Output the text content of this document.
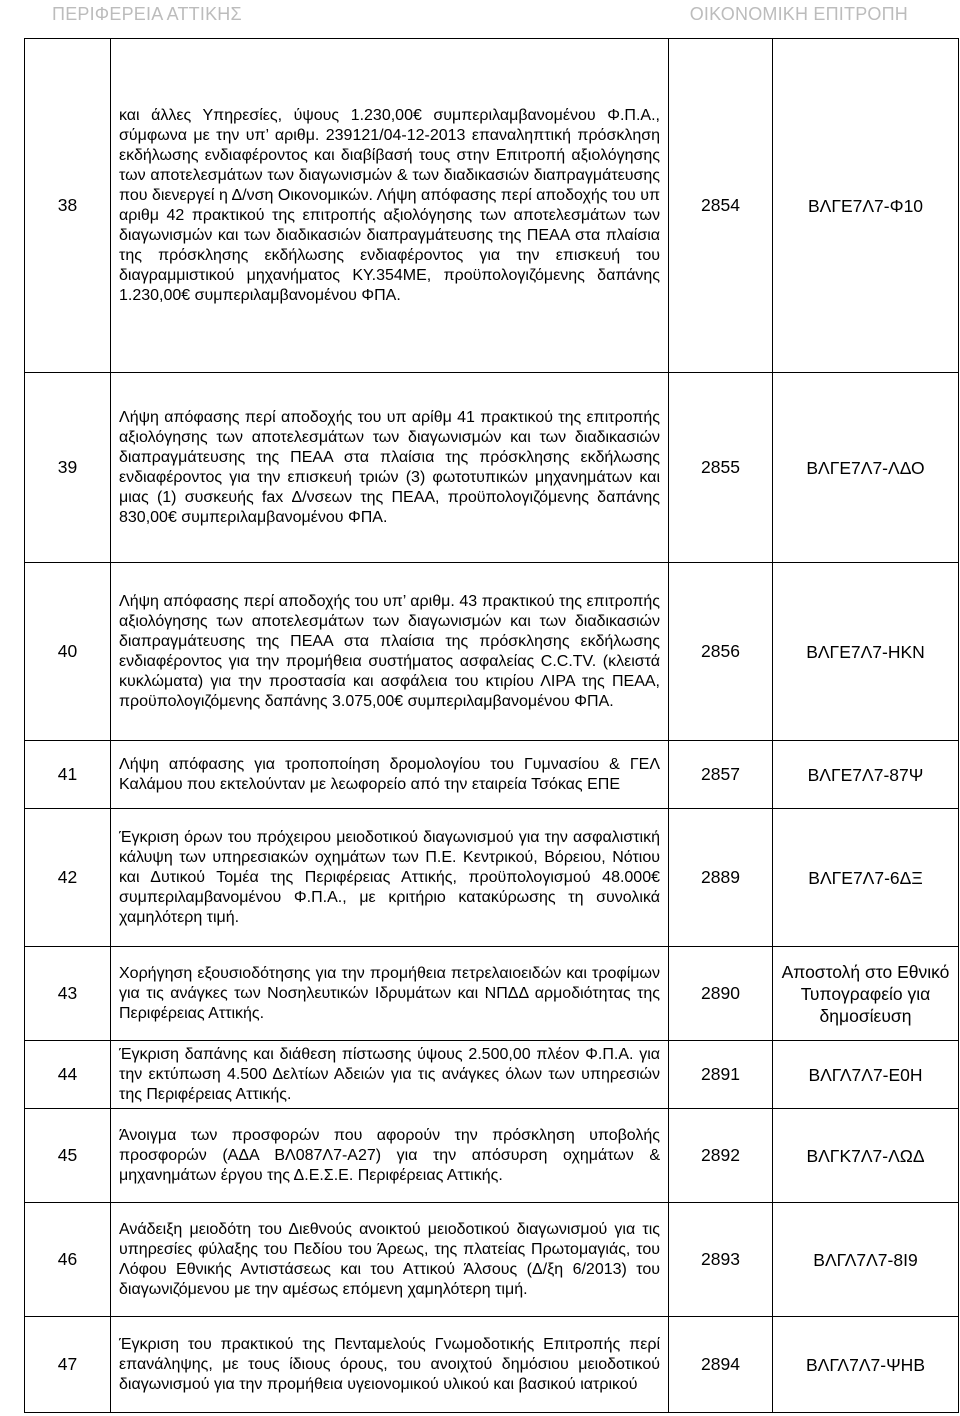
ΠΕΡΙΦΕΡΕΙΑ ΑΤΤΙΚΗΣ	ΟΙΚΟΝΟΜΙΚΗ ΕΠΙΤΡΟΠΗ
38	και άλλες Υπηρεσίες, ύψους 1.230,00€ συμπεριλαμβανομένου Φ.Π.Α., σύμφωνα με την υπ’ αριθμ. 239121/04-12-2013 επαναληπτική πρόσκληση εκδήλωσης ενδιαφέροντος και διαβίβασή τους στην Επιτροπή αξιολόγησης των αποτελεσμάτων των διαγωνισμών & των διαδικασιών διαπραγμάτευσης που διενεργεί η Δ/νση Οικονομικών. Λήψη απόφασης περί αποδοχής του υπ αριθμ 42 πρακτικού της επιτροπής αξιολόγησης των αποτελεσμάτων των διαγωνισμών και των διαδικασιών διαπραγμάτευσης της ΠΕΑΑ στα πλαίσια της πρόσκλησης εκδήλωσης ενδιαφέροντος για την επισκευή του διαγραμμιστικού μηχανήματος ΚΥ.354ΜΕ, προϋπολογιζόμενης δαπάνης 1.230,00€ συμπεριλαμβανομένου ΦΠΑ.	2854	ΒΛΓΕ7Λ7-Φ10
39	Λήψη απόφασης περί αποδοχής του υπ αρίθμ 41 πρακτικού της επιτροπής αξιολόγησης των αποτελεσμάτων των διαγωνισμών και των διαδικασιών διαπραγμάτευσης της ΠΕΑΑ στα πλαίσια της πρόσκλησης εκδήλωσης ενδιαφέροντος για την επισκευή τριών (3) φωτοτυπικών μηχανημάτων και μιας (1) συσκευής fax Δ/νσεων της ΠΕΑΑ, προϋπολογιζόμενης δαπάνης 830,00€ συμπεριλαμβανομένου ΦΠΑ.	2855	ΒΛΓΕ7Λ7-ΛΔΟ
40	Λήψη απόφασης περί αποδοχής του υπ’ αριθμ. 43 πρακτικού της επιτροπής αξιολόγησης των αποτελεσμάτων των διαγωνισμών και των διαδικασιών διαπραγμάτευσης της ΠΕΑΑ στα πλαίσια της πρόσκλησης εκδήλωσης ενδιαφέροντος για την προμήθεια συστήματος ασφαλείας C.C.TV. (κλειστά κυκλώματα) για την προστασία και ασφάλεια του κτιρίου ΛΙΡΑ της ΠΕΑΑ, προϋπολογιζόμενης δαπάνης 3.075,00€ συμπεριλαμβανομένου ΦΠΑ.	2856	ΒΛΓΕ7Λ7-ΗΚΝ
41	Λήψη απόφασης για τροποποίηση δρομολογίου του Γυμνασίου & ΓΕΛ Καλάμου που εκτελούνταν με λεωφορείο από την εταιρεία Τσόκας ΕΠΕ	2857	ΒΛΓΕ7Λ7-87Ψ
42	Έγκριση όρων του πρόχειρου μειοδοτικού διαγωνισμού για την ασφαλιστική κάλυψη των υπηρεσιακών οχημάτων των Π.Ε. Κεντρικού, Βόρειου, Νότιου και Δυτικού Τομέα της Περιφέρειας Αττικής, προϋπολογισμού 48.000€ συμπεριλαμβανομένου Φ.Π.Α., με κριτήριο κατακύρωσης τη συνολικά χαμηλότερη τιμή.	2889	ΒΛΓΕ7Λ7-6ΔΞ
43	Χορήγηση εξουσιοδότησης για την προμήθεια πετρελαιοειδών και τροφίμων για τις ανάγκες των Νοσηλευτικών Ιδρυμάτων και ΝΠΔΔ αρμοδιότητας της Περιφέρειας Αττικής.	2890	Αποστολή στο Εθνικό Τυπογραφείο για δημοσίευση
44	Έγκριση δαπάνης και διάθεση πίστωσης ύψους 2.500,00 πλέον Φ.Π.Α. για την εκτύπωση 4.500 Δελτίων Αδειών για τις ανάγκες όλων των υπηρεσιών της Περιφέρειας Αττικής.	2891	ΒΛΓΛ7Λ7-Ε0Η
45	Άνοιγμα των προσφορών που αφορούν την πρόσκληση υποβολής προσφορών (ΑΔΑ ΒΛ087Λ7-Α27) για την απόσυρση οχημάτων & μηχανημάτων έργου της Δ.Ε.Σ.Ε. Περιφέρειας Αττικής.	2892	ΒΛΓΚ7Λ7-ΛΩΔ
46	Ανάδειξη μειοδότη του Διεθνούς ανοικτού μειοδοτικού διαγωνισμού για τις υπηρεσίες φύλαξης του Πεδίου του Άρεως, της πλατείας Πρωτομαγιάς, του Λόφου Εθνικής Αντιστάσεως και του Αττικού Άλσους (Δ/ξη 6/2013) του διαγωνιζόμενου με την αμέσως επόμενη χαμηλότερη τιμή.	2893	ΒΛΓΛ7Λ7-8Ι9
47	Έγκριση του πρακτικού της Πενταμελούς Γνωμοδοτικής Επιτροπής περί επανάληψης, με τους ίδιους όρους, του ανοιχτού δημόσιου μειοδοτικού διαγωνισμού για την προμήθεια υγειονομικού υλικού και βασικού ιατρικού	2894	ΒΛΓΛ7Λ7-ΨΗΒ
